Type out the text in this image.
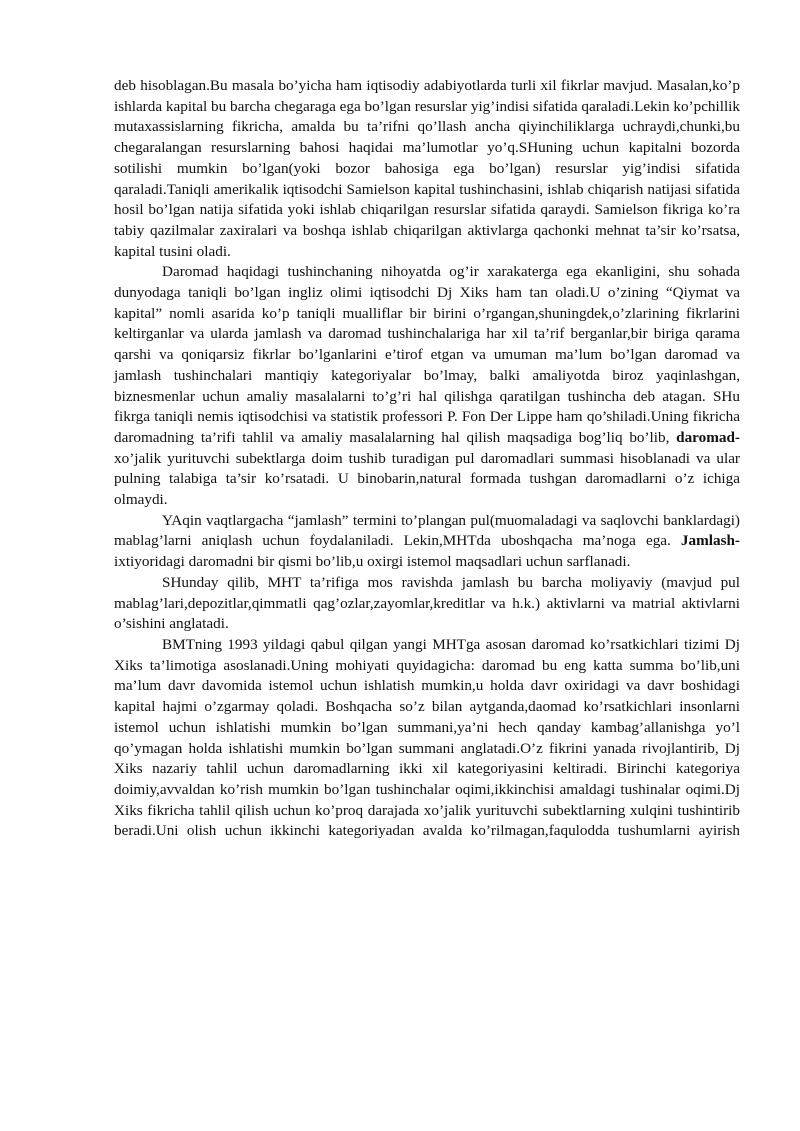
deb hisoblagan.Bu masala bo’yicha ham iqtisodiy adabiyotlarda turli xil fikrlar mavjud. Masalan,ko’p ishlarda kapital bu barcha chegaraga ega bo’lgan resurslar yig’indisi sifatida qaraladi.Lekin ko’pchillik mutaxassislarning fikricha, amalda bu ta’rifni qo’llash ancha qiyinchiliklarga uchraydi,chunki,bu chegaralangan resurslarning bahosi haqidai ma’lumotlar yo’q.SHuning uchun kapitalni bozorda sotilishi mumkin bo’lgan(yoki bozor bahosiga ega bo’lgan) resurslar yig’indisi sifatida qaraladi.Taniqli amerikalik iqtisodchi Samielson kapital tushinchasini, ishlab chiqarish natijasi sifatida hosil bo’lgan natija sifatida yoki ishlab chiqarilgan resurslar sifatida qaraydi. Samielson fikriga ko’ra tabiy qazilmalar zaxiralari va boshqa ishlab chiqarilgan aktivlarga qachonki mehnat ta’sir ko’rsatsa, kapital tusini oladi.

Daromad haqidagi tushinchaning nihoyatda og’ir xarakaterga ega ekanligini, shu sohada dunyodaga taniqli bo’lgan ingliz olimi iqtisodchi Dj Xiks ham tan oladi.U o’zining “Qiymat va kapital” nomli asarida ko’p taniqli mualliflar bir birini o’rgangan,shuningdek,o’zlarining fikrlarini keltirganlar va ularda jamlash va daromad tushinchalariga har xil ta’rif berganlar,bir biriga qarama qarshi va qoniqarsiz fikrlar bo’lganlarini e’tirof etgan va umuman ma’lum bo’lgan daromad va jamlash tushinchalari mantiqiy kategoriyalar bo’lmay, balki amaliyotda biroz yaqinlashgan, biznesmenlar uchun amaliy masalalarni to’g’ri hal qilishga qaratilgan tushincha deb atagan. SHu fikrga taniqli nemis iqtisodchisi va statistik professori P. Fon Der Lippe ham qo’shiladi.Uning fikricha daromadning ta’rifi tahlil va amaliy masalalarning hal qilish maqsadiga bog’liq bo’lib, daromad- xo’jalik yurituvchi subektlarga doim tushib turadigan pul daromadlari summasi hisoblanadi va ular pulning talabiga ta’sir ko’rsatadi. U binobarin,natural formada tushgan daromadlarni o’z ichiga olmaydi.

YAqin vaqtlargacha “jamlash” termini to’plangan pul(muomaladagi va saqlovchi banklardagi) mablag’larni aniqlash uchun foydalaniladi. Lekin,MHTda uboshqacha ma’noga ega. Jamlash- ixtiyoridagi daromadni bir qismi bo’lib,u oxirgi istemol maqsadlari uchun sarflanadi.

SHunday qilib, MHT ta’rifiga mos ravishda jamlash bu barcha moliyaviy (mavjud pul mablag’lari,depozitlar,qimmatli qag’ozlar,zayomlar,kreditlar va h.k.) aktivlarni va matrial aktivlarni o’sishini anglatadi.

BMTning 1993 yildagi qabul qilgan yangi MHTga asosan daromad ko’rsatkichlari tizimi Dj Xiks ta’limotiga asoslanadi.Uning mohiyati quyidagicha: daromad bu eng katta summa bo’lib,uni ma’lum davr davomida istemol uchun ishlatish mumkin,u holda davr oxiridagi va davr boshidagi kapital hajmi o’zgarmay qoladi. Boshqacha so’z bilan aytganda,daomad ko’rsatkichlari insonlarni istemol uchun ishlatishi mumkin bo’lgan summani,ya’ni hech qanday kambag’allanishga yo’l qo’ymagan holda ishlatishi mumkin bo’lgan summani anglatadi.O’z fikrini yanada rivojlantirib, Dj Xiks nazariy tahlil uchun daromadlarning ikki xil kategoriyasini keltiradi. Birinchi kategoriya doimiy,avvaldan ko’rish mumkin bo’lgan tushinchalar oqimi,ikkinchisi amaldagi tushinalar oqimi.Dj Xiks fikricha tahlil qilish uchun ko’proq darajada xo’jalik yurituvchi subektlarning xulqini tushintirib beradi.Uni olish uchun ikkinchi kategoriyadan avalda ko’rilmagan,faqulodda tushumlarni ayirish
